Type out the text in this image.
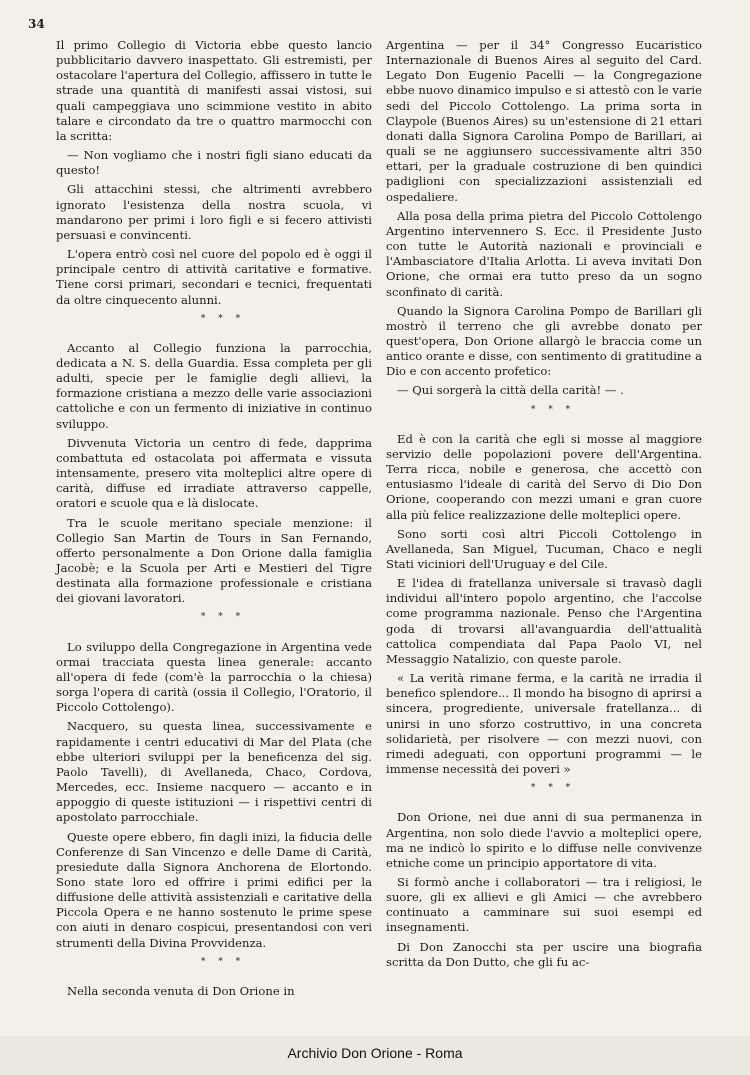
34

Il primo Collegio di Victoria ebbe questo lancio pubblicitario davvero inaspettato. Gli estremisti, per ostacolare l'apertura del Collegio, affissero in tutte le strade una quantità di manifesti assai vistosi, sui quali campeggiava uno scimmione vestito in abito talare e circondato da tre o quattro marmocchi con la scritta:

— Non vogliamo che i nostri figli siano educati da questo!

Gli attacchini stessi, che altrimenti avrebbero ignorato l'esistenza della nostra scuola, vi mandarono per primi i loro figli e si fecero attivisti persuasi e convincenti.

L'opera entrò così nel cuore del popolo ed è oggi il principale centro di attività caritative e formative. Tiene corsi primari, secondari e tecnici, frequentati da oltre cinquecento alunni.

* * *

Accanto al Collegio funziona la parrocchia, dedicata a N. S. della Guardia. Essa completa per gli adulti, specie per le famiglie degli allievi, la formazione cristiana a mezzo delle varie associazioni cattoliche e con un fermento di iniziative in continuo sviluppo.

Divvenuta Victoria un centro di fede, dapprima combattuta ed ostacolata poi affermata e vissuta intensamente, presero vita molteplici altre opere di carità, diffuse ed irradiate attraverso cappelle, oratori e scuole qua e là dislocate.

Tra le scuole meritano speciale menzione: il Collegio San Martin de Tours in San Fernando, offerto personalmente a Don Orione dalla famiglia Jacobè; e la Scuola per Arti e Mestieri del Tigre destinata alla formazione professionale e cristiana dei giovani lavoratori.

* * *

Lo sviluppo della Congregazione in Argentina vede ormai tracciata questa linea generale: accanto all'opera di fede (com'è la parrocchia o la chiesa) sorga l'opera di carità (ossia il Collegio, l'Oratorio, il Piccolo Cottolengo).

Nacquero, su questa linea, successivamente e rapidamente i centri educativi di Mar del Plata (che ebbe ulteriori sviluppi per la beneficenza del sig. Paolo Tavelli), di Avellaneda, Chaco, Cordova, Mercedes, ecc. Insieme nacquero — accanto e in appoggio di queste istituzioni — i rispettivi centri di apostolato parrocchiale.

Queste opere ebbero, fin dagli inizi, la fiducia delle Conferenze di San Vincenzo e delle Dame di Carità, presiedute dalla Signora Anchorena de Elortondo. Sono state loro ed offrire i primi edifici per la diffusione delle attività assistenziali e caritative della Piccola Opera e ne hanno sostenuto le prime spese con aiuti in denaro cospicui, presentandosi con veri strumenti della Divina Provvidenza.

* * *

Nella seconda venuta di Don Orione in

Argentina — per il 34° Congresso Eucaristico Internazionale di Buenos Aires al seguito del Card. Legato Don Eugenio Pacelli — la Congregazione ebbe nuovo dinamico impulso e si attestò con le varie sedi del Piccolo Cottolengo. La prima sorta in Claypole (Buenos Aires) su un'estensione di 21 ettari donati dalla Signora Carolina Pompo de Barillari, ai quali se ne aggiunsero successivamente altri 350 ettari, per la graduale costruzione di ben quindici padiglioni con specializzazioni assistenziali ed ospedaliere.

Alla posa della prima pietra del Piccolo Cottolengo Argentino intervennero S. Ecc. il Presidente Justo con tutte le Autorità nazionali e provinciali e l'Ambasciatore d'Italia Arlotta. Li aveva invitati Don Orione, che ormai era tutto preso da un sogno sconfinato di carità.

Quando la Signora Carolina Pompo de Barillari gli mostrò il terreno che gli avrebbe donato per quest'opera, Don Orione allargò le braccia come un antico orante e disse, con sentimento di gratitudine a Dio e con accento profetico:

— Qui sorgerà la città della carità! — .

* * *

Ed è con la carità che egli si mosse al maggiore servizio delle popolazioni povere dell'Argentina. Terra ricca, nobile e generosa, che accettò con entusiasmo l'ideale di carità del Servo di Dio Don Orione, cooperando con mezzi umani e gran cuore alla più felice realizzazione delle molteplici opere.

Sono sorti così altri Piccoli Cottolengo in Avellaneda, San Miguel, Tucuman, Chaco e negli Stati viciniori dell'Uruguay e del Cile.

E l'idea di fratellanza universale si travasò dagli individui all'intero popolo argentino, che l'accolse come programma nazionale. Penso che l'Argentina goda di trovarsi all'avanguardia dell'attualità cattolica compendiata dal Papa Paolo VI, nel Messaggio Natalizio, con queste parole.

« La verità rimane ferma, e la carità ne irradia il benefico splendore... Il mondo ha bisogno di aprirsi a sincera, progrediente, universale fratellanza... di unirsi in uno sforzo costruttivo, in una concreta solidarietà, per risolvere — con mezzi nuovi, con rimedi adeguati, con opportuni programmi — le immense necessità dei poveri »

* * *

Don Orione, nei due anni di sua permanenza in Argentina, non solo diede l'avvio a molteplici opere, ma ne indicò lo spirito e lo diffuse nelle convivenze etniche come un principio apportatore di vita.

Si formò anche i collaboratori — tra i religiosi, le suore, gli ex allievi e gli Amici — che avrebbero continuato a camminare sui suoi esempi ed insegnamenti.

Di Don Zanocchi sta per uscire una biografia scritta da Don Dutto, che gli fu ac-

Archivio Don Orione - Roma
